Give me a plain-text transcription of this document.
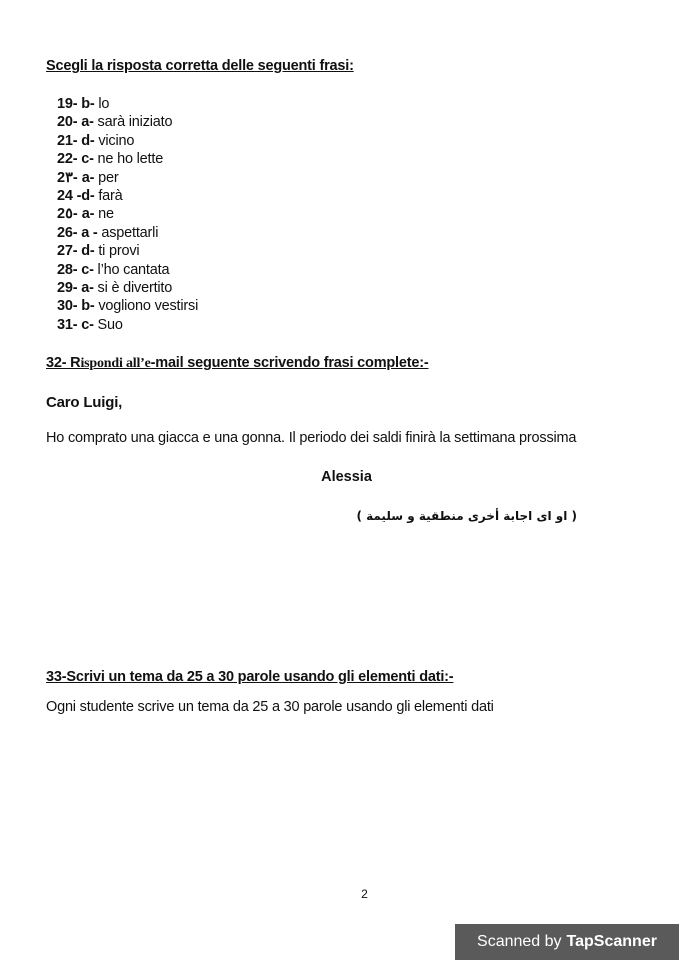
Scegli la risposta corretta delle seguenti frasi:
19- b- lo
20- a- sarà iniziato
21- d- vicino
22- c- ne ho lette
2٣- a- per
24 -d- farà
2٥- a- ne
26- a - aspettarli
27- d- ti provi
28- c- l’ho cantata
29- a- si è divertito
30- b- vogliono vestirsi
31- c- Suo
32- Rispondi all’e-mail seguente scrivendo frasi complete:-
Caro Luigi,
Ho comprato una giacca e una gonna. Il periodo dei saldi finirà la settimana prossima
Alessia
( او ای اجابة أخرى منطقية و سليمة )
33-Scrivi un tema da 25 a 30 parole usando gli elementi dati:-
Ogni studente scrive un tema da 25 a 30 parole usando gli elementi dati
2
Scanned by TapScanner
